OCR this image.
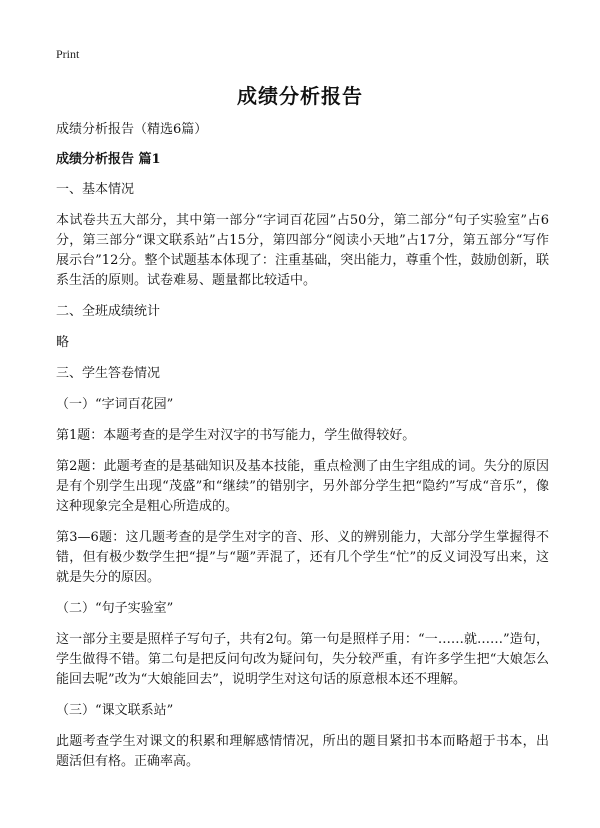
Print
成绩分析报告

成绩分析报告（精选6篇）

成绩分析报告 篇1

一、基本情况

本试卷共五大部分，其中第一部分“字词百花园”占50分，第二部分“句子实验室”占6分，第三部分“课文联系站”占15分，第四部分“阅读小天地”占17分，第五部分“写作展示台”12分。整个试题基本体现了：注重基础，突出能力，尊重个性，鼓励创新，联系生活的原则。试卷难易、题量都比较适中。

二、全班成绩统计

略

三、学生答卷情况

（一）“字词百花园”

第1题：本题考查的是学生对汉字的书写能力，学生做得较好。

第2题：此题考查的是基础知识及基本技能，重点检测了由生字组成的词。失分的原因是有个别学生出现“茂盛”和“继续”的错别字，另外部分学生把“隐约”写成“音乐”，像这种现象完全是粗心所造成的。

第3—6题：这几题考查的是学生对字的音、形、义的辨别能力，大部分学生掌握得不错，但有极少数学生把“提”与“题”弄混了，还有几个学生“忙”的反义词没写出来，这就是失分的原因。

（二）“句子实验室”

这一部分主要是照样子写句子，共有2句。第一句是照样子用：“一……就……”造句，学生做得不错。第二句是把反问句改为疑问句，失分较严重，有许多学生把“大娘怎么能回去呢”改为“大娘能回去”，说明学生对这句话的原意根本还不理解。

（三）“课文联系站”

此题考查学生对课文的积累和理解感情情况，所出的题目紧扣书本而略超于书本，出题活但有格。正确率高。
